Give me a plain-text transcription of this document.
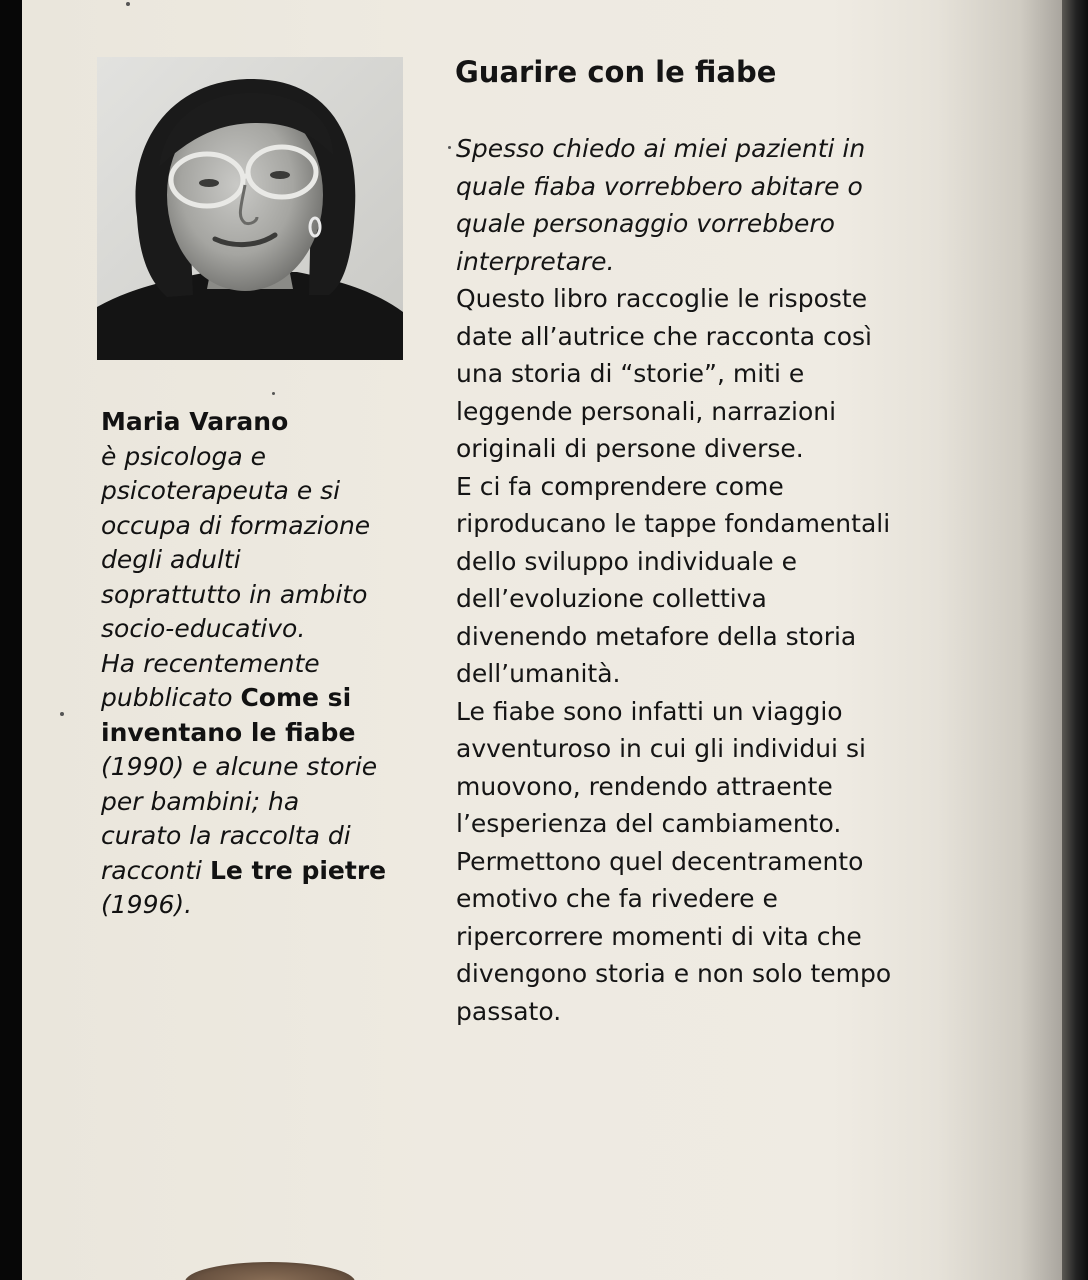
Maria Varano
è psicologa e
psicoterapeuta e si
occupa di formazione
degli adulti
soprattutto in ambito
socio-educativo.
Ha recentemente
pubblicato Come si
inventano le fiabe
(1990) e alcune storie
per bambini; ha
curato la raccolta di
racconti Le tre pietre
(1996).
Guarire con le fiabe
Spesso chiedo ai miei pazienti in
quale fiaba vorrebbero abitare o
quale personaggio vorrebbero
interpretare.
Questo libro raccoglie le risposte
date all’autrice che racconta così
una storia di “storie”, miti e
leggende personali, narrazioni
originali di persone diverse.
E ci fa comprendere come
riproducano le tappe fondamentali
dello sviluppo individuale e
dell’evoluzione collettiva
divenendo metafore della storia
dell’umanità.
Le fiabe sono infatti un viaggio
avventuroso in cui gli individui si
muovono, rendendo attraente
l’esperienza del cambiamento.
Permettono quel decentramento
emotivo che fa rivedere e
ripercorrere momenti di vita che
divengono storia e non solo tempo
passato.
